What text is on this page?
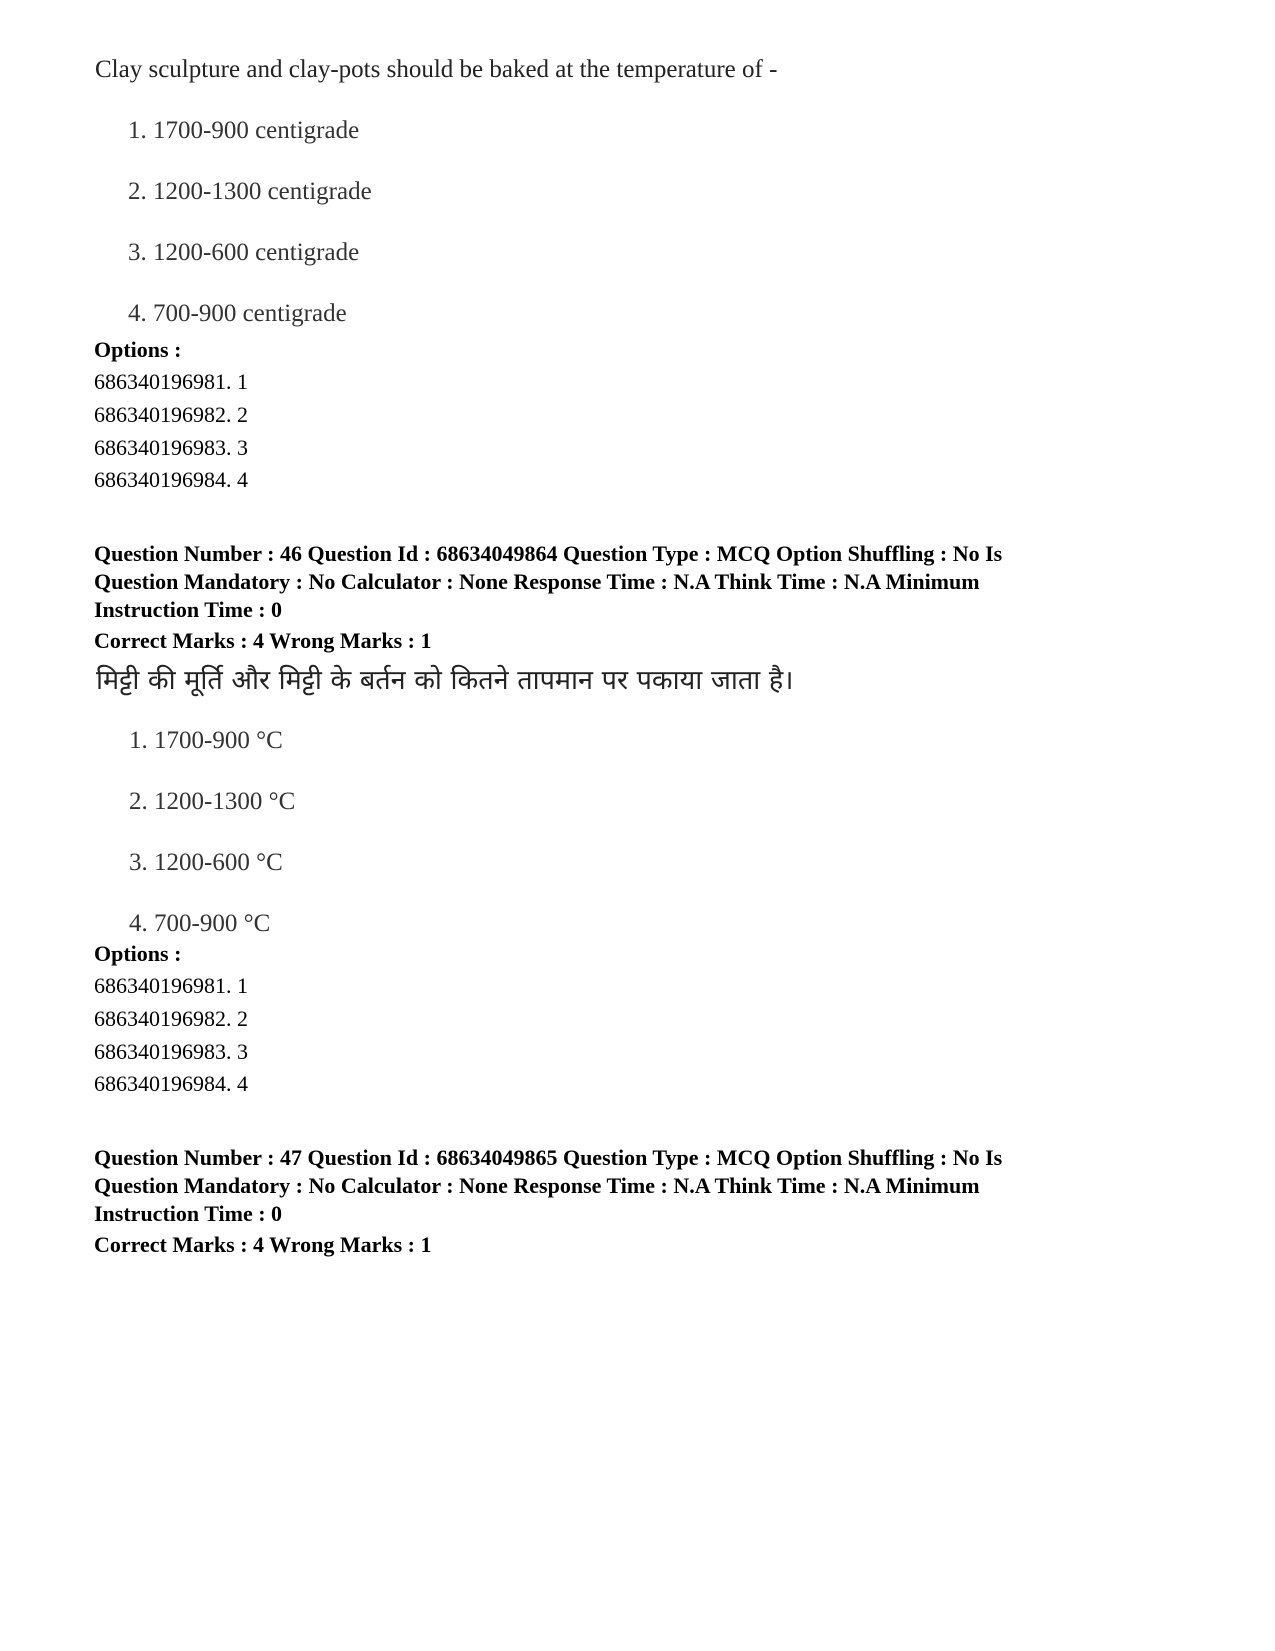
Clay sculpture and clay-pots should be baked at the temperature of -
1. 1700-900 centigrade
2. 1200-1300 centigrade
3. 1200-600 centigrade
4. 700-900 centigrade
Options :
686340196981. 1
686340196982. 2
686340196983. 3
686340196984. 4
Question Number : 46 Question Id : 68634049864 Question Type : MCQ Option Shuffling : No Is
Question Mandatory : No Calculator : None Response Time : N.A Think Time : N.A Minimum
Instruction Time : 0
Correct Marks : 4 Wrong Marks : 1
मिट्टी की मूर्ति और मिट्टी के बर्तन को कितने तापमान पर पकाया जाता है।
1. 1700-900 °C
2. 1200-1300 °C
3. 1200-600 °C
4. 700-900 °C
Options :
686340196981. 1
686340196982. 2
686340196983. 3
686340196984. 4
Question Number : 47 Question Id : 68634049865 Question Type : MCQ Option Shuffling : No Is
Question Mandatory : No Calculator : None Response Time : N.A Think Time : N.A Minimum
Instruction Time : 0
Correct Marks : 4 Wrong Marks : 1
